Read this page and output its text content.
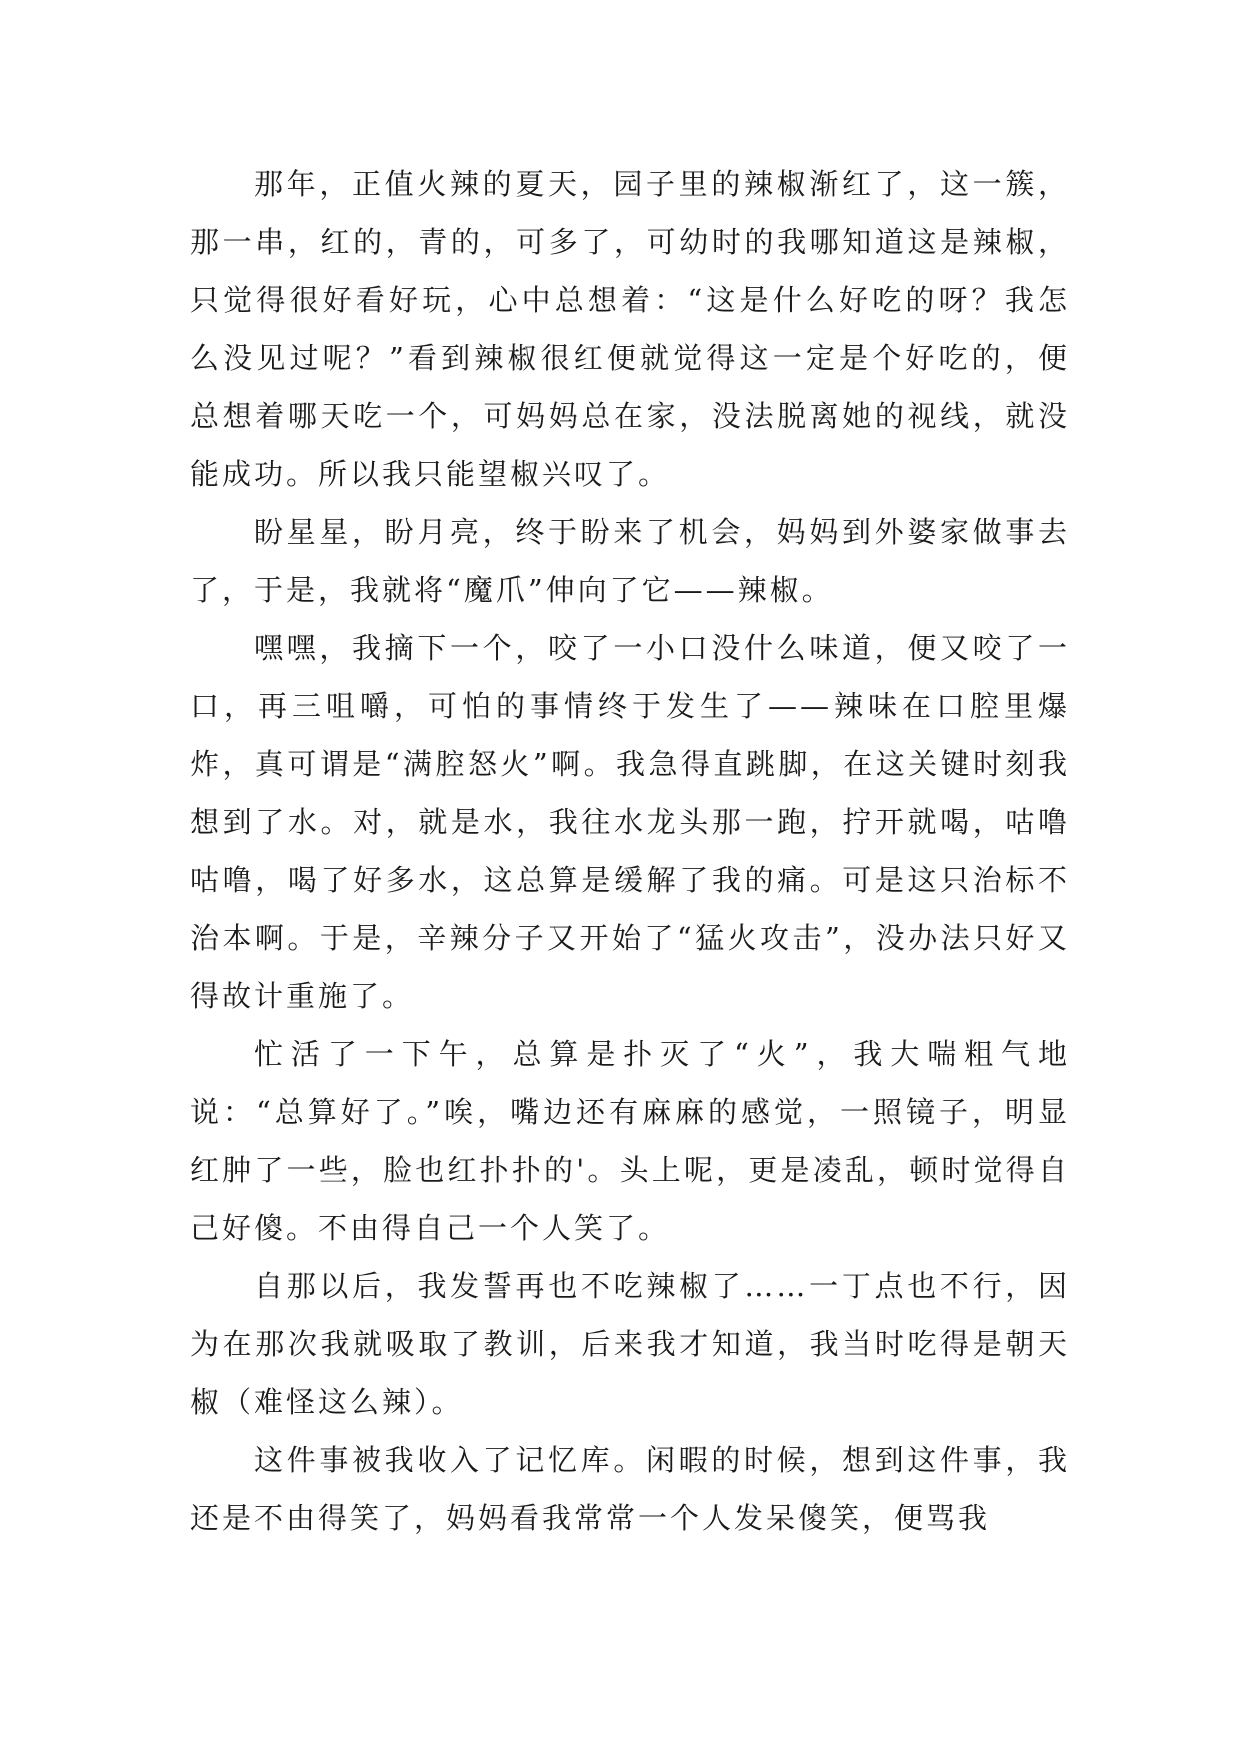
那年，正值火辣的夏天，园子里的辣椒渐红了，这一簇，那一串，红的，青的，可多了，可幼时的我哪知道这是辣椒，只觉得很好看好玩，心中总想着：“这是什么好吃的呀？我怎么没见过呢？”看到辣椒很红便就觉得这一定是个好吃的，便总想着哪天吃一个，可妈妈总在家，没法脱离她的视线，就没能成功。所以我只能望椒兴叹了。

盼星星，盼月亮，终于盼来了机会，妈妈到外婆家做事去了，于是，我就将“魔爪”伸向了它——辣椒。

嘿嘿，我摘下一个，咬了一小口没什么味道，便又咬了一口，再三咀嚼，可怕的事情终于发生了——辣味在口腔里爆炸，真可谓是“满腔怒火”啊。我急得直跳脚，在这关键时刻我想到了水。对，就是水，我往水龙头那一跑，拧开就喝，咕噜咕噜，喝了好多水，这总算是缓解了我的痛。可是这只治标不治本啊。于是，辛辣分子又开始了“猛火攻击”，没办法只好又得故计重施了。

忙活了一下午，总算是扑灭了“火”，我大喘粗气地说：“总算好了。”唉，嘴边还有麻麻的感觉，一照镜子，明显红肿了一些，脸也红扑扑的'。头上呢，更是凌乱，顿时觉得自己好傻。不由得自己一个人笑了。

自那以后，我发誓再也不吃辣椒了……一丁点也不行，因为在那次我就吸取了教训，后来我才知道，我当时吃得是朝天椒（难怪这么辣）。

这件事被我收入了记忆库。闲暇的时候，想到这件事，我还是不由得笑了，妈妈看我常常一个人发呆傻笑，便骂我
